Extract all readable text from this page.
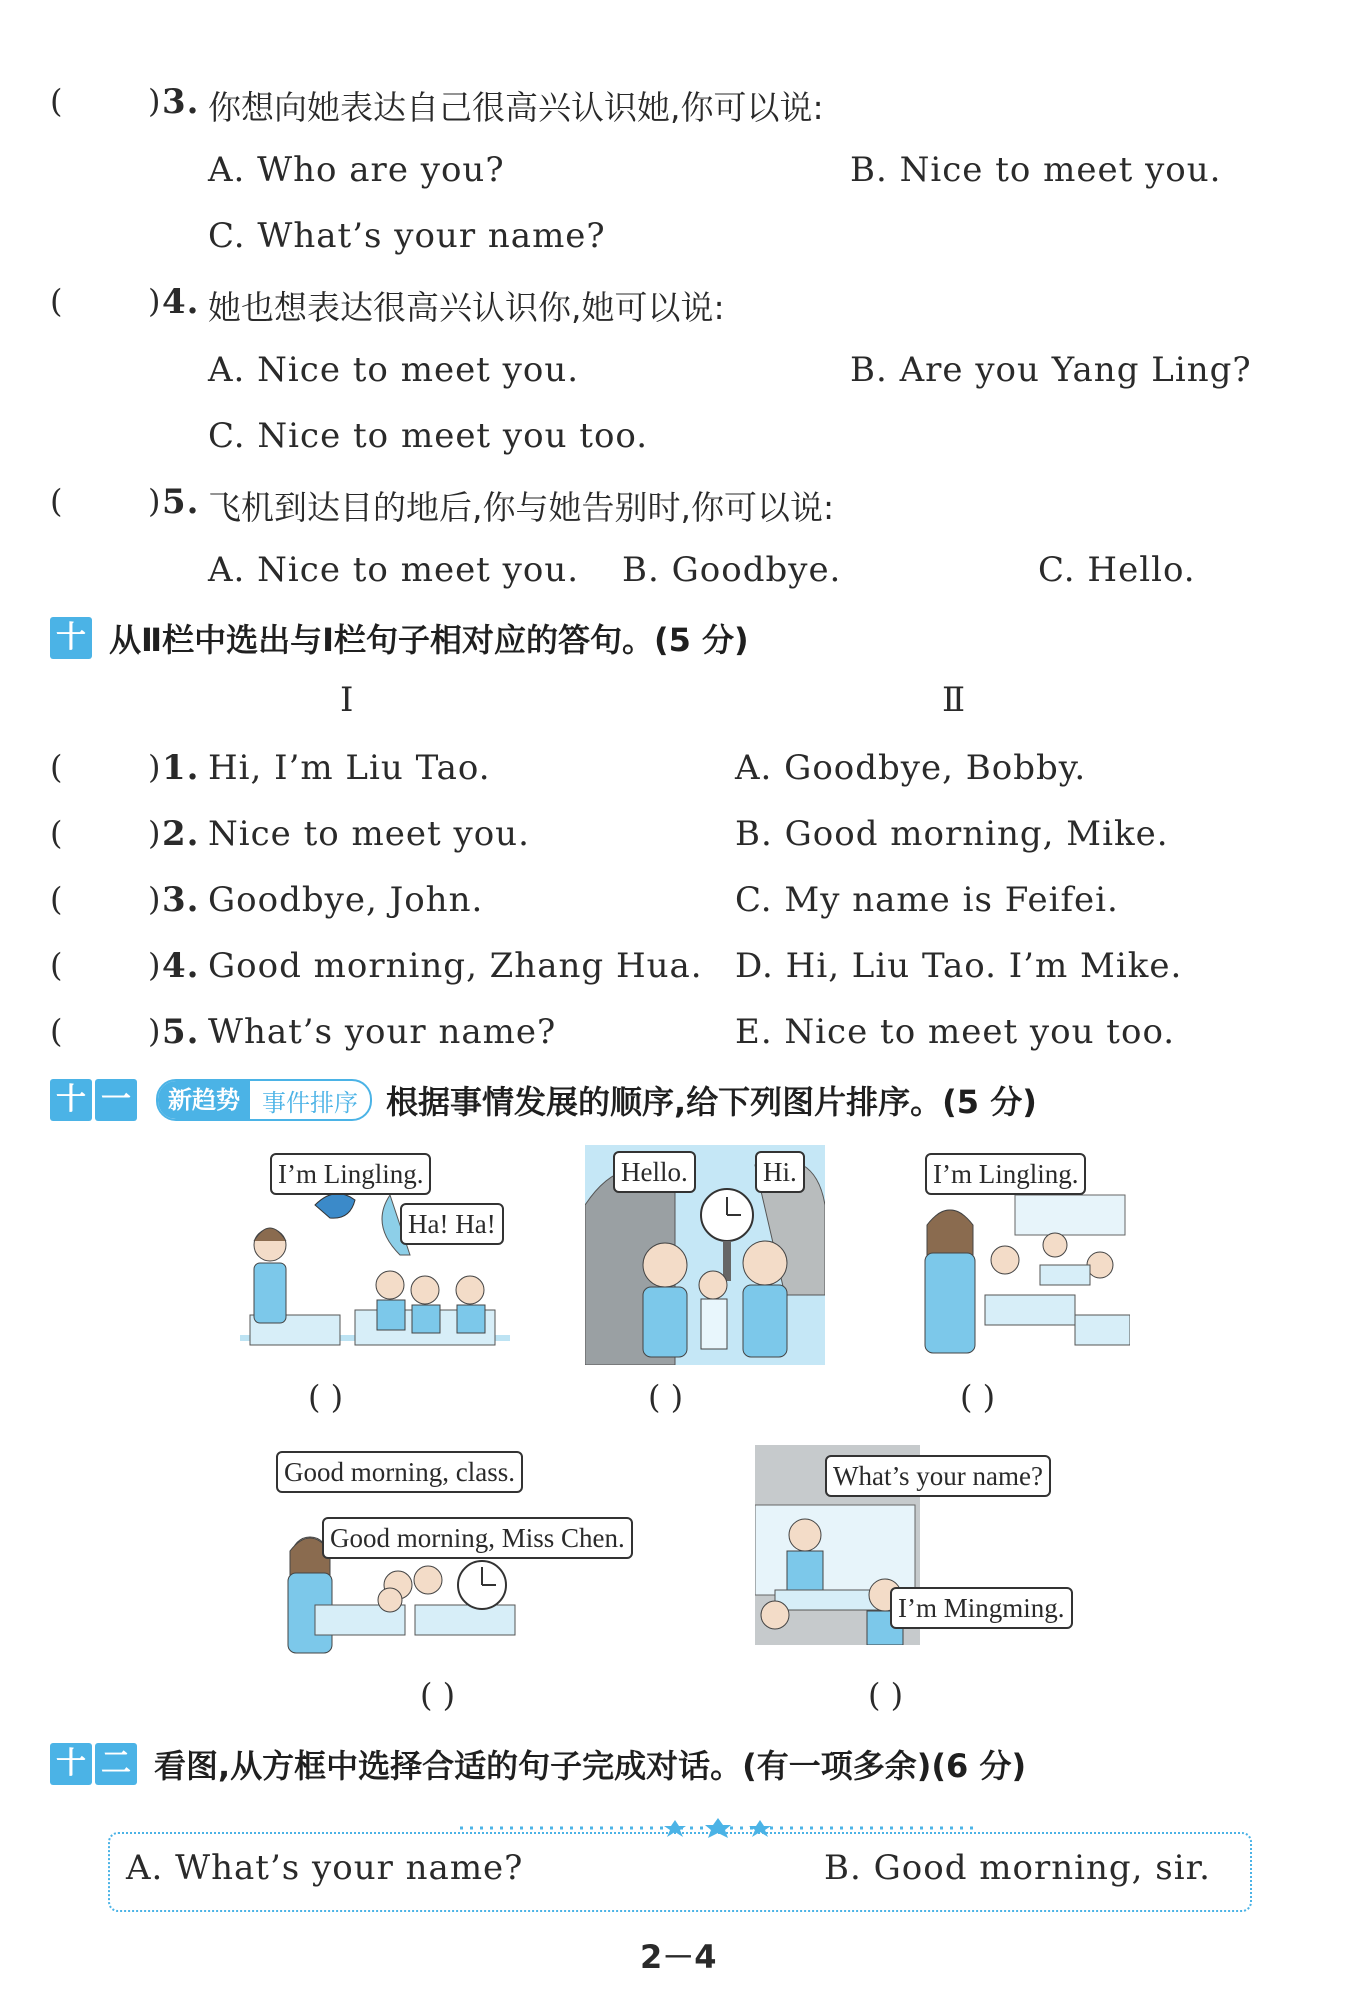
(	) 3. 你想向她表达自己很高兴认识她,你可以说:
A. Who are you?	B. Nice to meet you.
C. What’s your name?
(	) 4. 她也想表达很高兴认识你,她可以说:
A. Nice to meet you.	B. Are you Yang Ling?
C. Nice to meet you too.
(	) 5. 飞机到达目的地后,你与她告别时,你可以说:
A. Nice to meet you. B. Goodbye.	C. Hello.
十 从Ⅱ栏中选出与Ⅰ栏句子相对应的答句。(5 分)
Ⅰ	Ⅱ
(	) 1. Hi, I’m Liu Tao.	A. Goodbye, Bobby.
(	) 2. Nice to meet you.	B. Good morning, Mike.
(	) 3. Goodbye, John.	C. My name is Feifei.
(	) 4. Good morning, Zhang Hua. D. Hi, Liu Tao. I’m Mike.
(	) 5. What’s your name?	E. Nice to meet you too.
十 一	新趋势 事件排序 根据事情发展的顺序,给下列图片排序。(5 分)
I’m Lingling.
Ha! Ha!
( )
Hello.	Hi.
( )
I’m Lingling.
( )
Good morning, class.
Good morning, Miss Chen.
( )
What’s your name?
I’m Mingming.
( )
十 二 看图,从方框中选择合适的句子完成对话。(有一项多余)(6 分)
A. What’s your name?	B. Good morning, sir.
2－4
